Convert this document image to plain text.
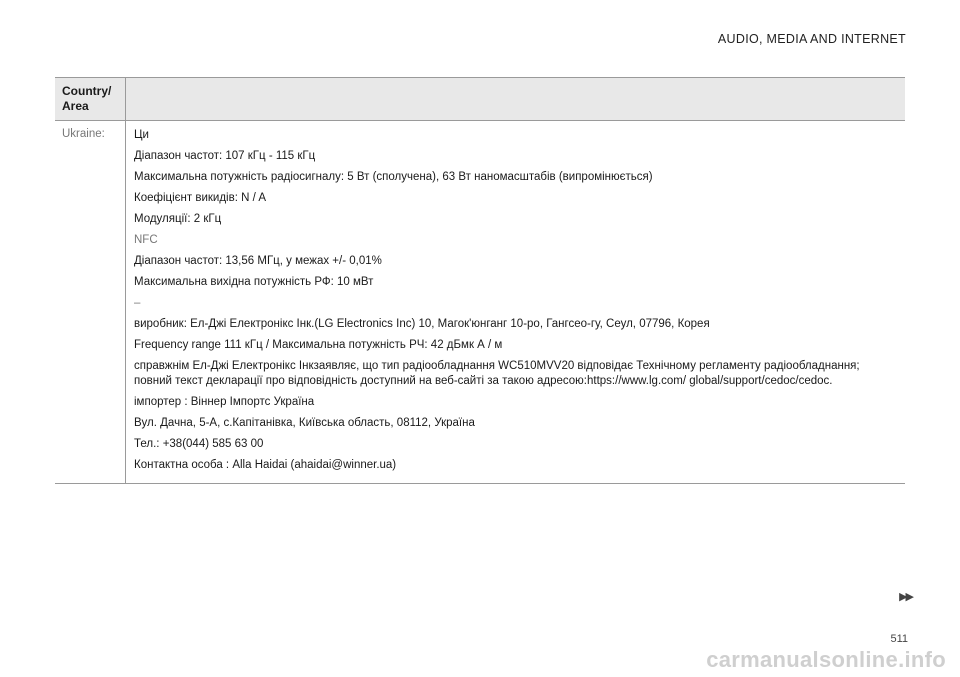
AUDIO, MEDIA AND INTERNET
Country/ Area
Ukraine:	Ци

Діапазон частот: 107 кГц - 115 кГц

Максимальна потужність радіосигналу: 5 Вт (сполучена), 63 Вт наномасштабів (випромінюється)

Коефіцієнт викидів: N / A

Модуляції: 2 кГц

NFC

Діапазон частот: 13,56 МГц, у межах +/- 0,01%

Максимальна вихідна потужність РФ: 10 мВт

–

виробник: Ел-Джі Електронікс Інк.(LG Electronics Inc) 10, Магок'юнганг 10-ро, Гангсео-гу, Сеул, 07796, Корея

Frequency range 111 кГц / Максимальна потужність РЧ: 42 дБмк А / м

справжнім Ел-Джі Електронікс Інкзаявляє, що тип радіообладнання WC510MVV20 відповідає Технічному регламенту радіообладнання; повний текст декларації про відповідність доступний на веб-сайті за такою адресою:https://www.lg.com/ global/support/cedoc/cedoc.

імпортер : Віннер Імпортс Україна

Вул. Дачна, 5-А, с.Капітанівка, Київська область, 08112, Україна

Тел.: +38(044) 585 63 00

Контактна особа : Alla Haidai (ahaidai@winner.ua)

▶▶
511
carmanualsonline.info
